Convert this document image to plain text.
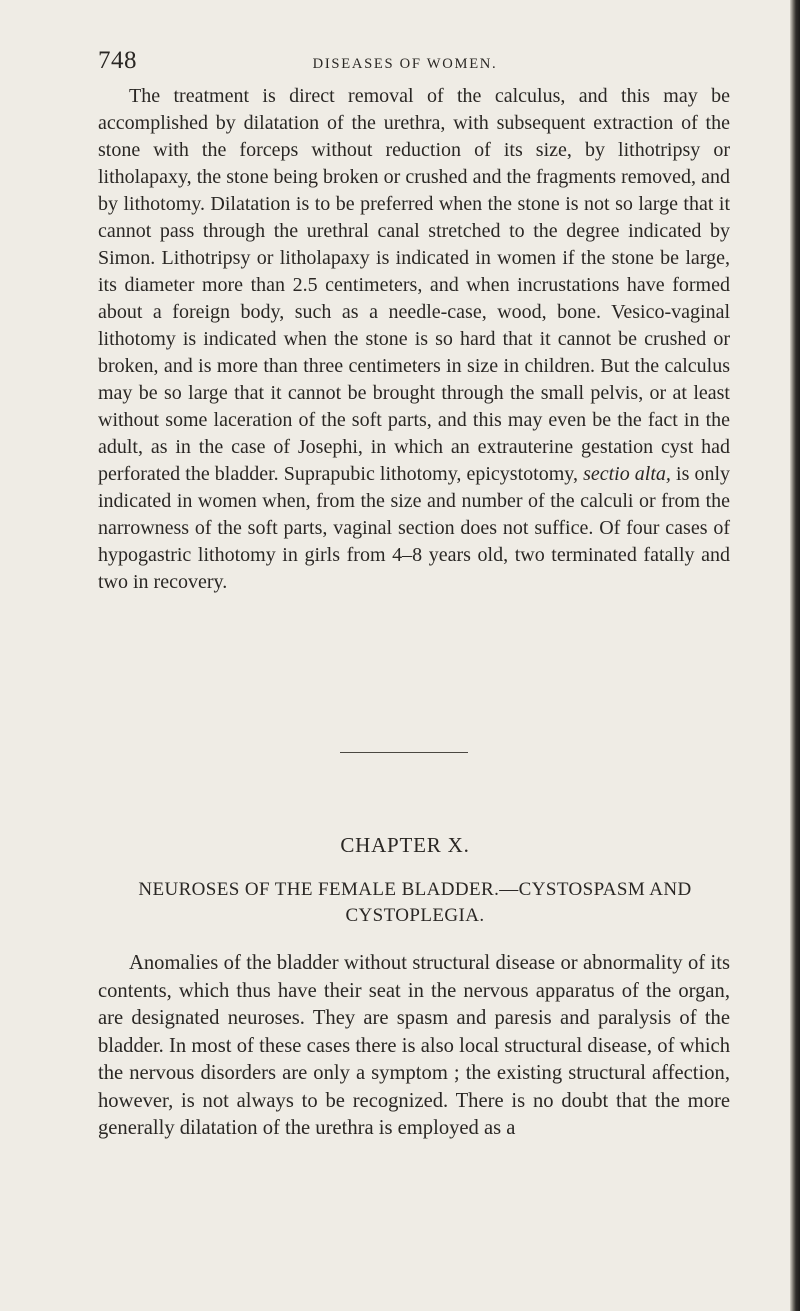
748	DISEASES OF WOMEN.
The treatment is direct removal of the calculus, and this may be accomplished by dilatation of the urethra, with subsequent extraction of the stone with the forceps without reduction of its size, by lithotripsy or litholapaxy, the stone being broken or crushed and the fragments removed, and by lithotomy. Dilatation is to be preferred when the stone is not so large that it cannot pass through the urethral canal stretched to the degree indicated by Simon. Lithotripsy or litholapaxy is indicated in women if the stone be large, its diameter more than 2.5 centimeters, and when incrustations have formed about a foreign body, such as a needle-case, wood, bone. Vesico-vaginal lithotomy is indicated when the stone is so hard that it cannot be crushed or broken, and is more than three centimeters in size in children. But the calculus may be so large that it cannot be brought through the small pelvis, or at least without some laceration of the soft parts, and this may even be the fact in the adult, as in the case of Josephi, in which an extrauterine gestation cyst had perforated the bladder. Suprapubic lithotomy, epicystotomy, sectio alta, is only indicated in women when, from the size and number of the calculi or from the narrowness of the soft parts, vaginal section does not suffice. Of four cases of hypogastric lithotomy in girls from 4–8 years old, two terminated fatally and two in recovery.
CHAPTER X.
NEUROSES OF THE FEMALE BLADDER.—CYSTOSPASM AND CYSTOPLEGIA.
Anomalies of the bladder without structural disease or abnormality of its contents, which thus have their seat in the nervous apparatus of the organ, are designated neuroses. They are spasm and paresis and paralysis of the bladder. In most of these cases there is also local structural disease, of which the nervous disorders are only a symptom ; the existing structural affection, however, is not always to be recognized. There is no doubt that the more generally dilatation of the urethra is employed as a
